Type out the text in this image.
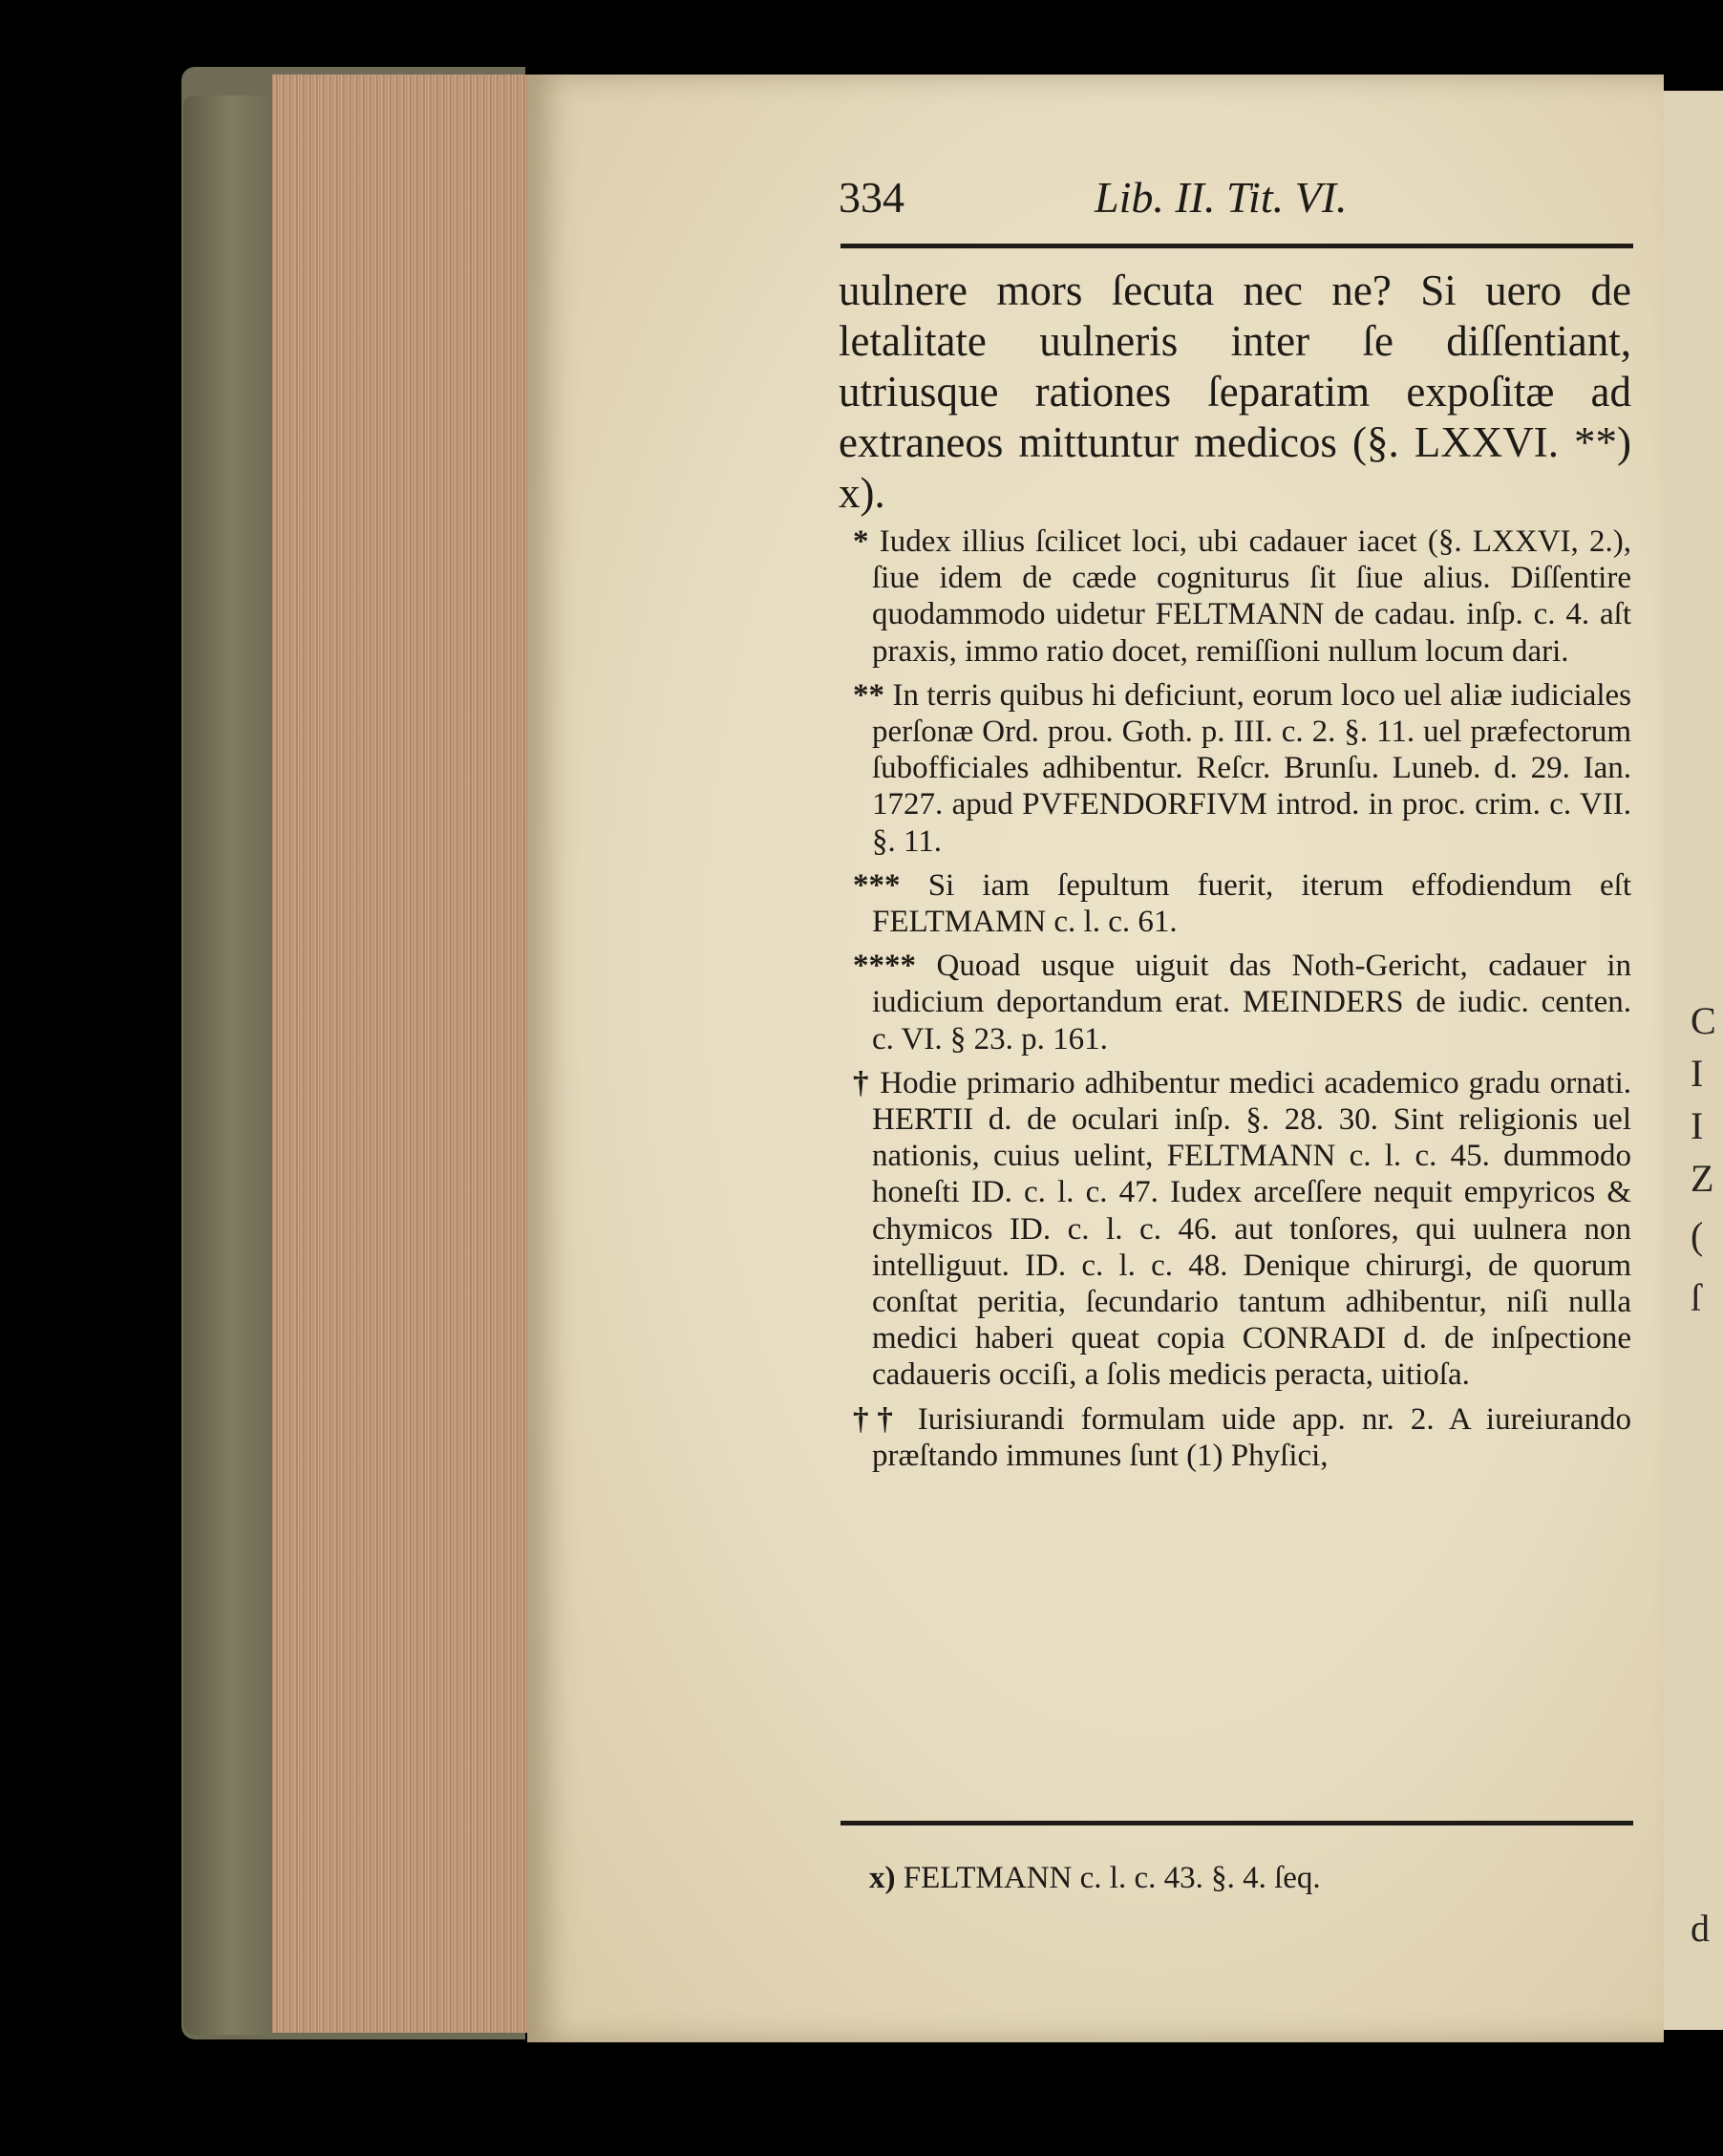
C
I
I
Z
(
ſ
d
334	Lib. II. Tit. VI.
uulnere mors ſecuta nec ne? Si uero de letalitate uulneris inter ſe diſſentiant, utriusque rationes ſeparatim expoſitæ ad extraneos mittuntur medicos (§. LXXVI. **) x).
* Iudex illius ſcilicet loci, ubi cadauer iacet (§. LXXVI, 2.), ſiue idem de cæde cogniturus ſit ſiue alius. Diſſentire quodammodo uidetur FELTMANN de cadau. inſp. c. 4. aſt praxis, immo ratio docet, remiſſioni nullum locum dari.
** In terris quibus hi deficiunt, eorum loco uel aliæ iudiciales perſonæ Ord. prou. Goth. p. III. c. 2. §. 11. uel præfectorum ſubofficiales adhibentur. Reſcr. Brunſu. Luneb. d. 29. Ian. 1727. apud PVFENDORFIVM introd. in proc. crim. c. VII. §. 11.
*** Si iam ſepultum fuerit, iterum effodiendum eſt FELTMAMN c. l. c. 61.
**** Quoad usque uiguit das Noth-Gericht, cadauer in iudicium deportandum erat. MEINDERS de iudic. centen. c. VI. § 23. p. 161.
† Hodie primario adhibentur medici academico gradu ornati. HERTII d. de oculari inſp. §. 28. 30. Sint religionis uel nationis, cuius uelint, FELTMANN c. l. c. 45. dummodo honeſti ID. c. l. c. 47. Iudex arceſſere nequit empyricos & chymicos ID. c. l. c. 46. aut tonſores, qui uulnera non intelliguut. ID. c. l. c. 48. Denique chirurgi, de quorum conſtat peritia, ſecundario tantum adhibentur, niſi nulla medici haberi queat copia CONRADI d. de inſpectione cadaueris occiſi, a ſolis medicis peracta, uitioſa.
†† Iurisiurandi formulam uide app. nr. 2. A iureiurando præſtando immunes ſunt (1) Phyſici,
x) FELTMANN c. l. c. 43. §. 4. ſeq.
